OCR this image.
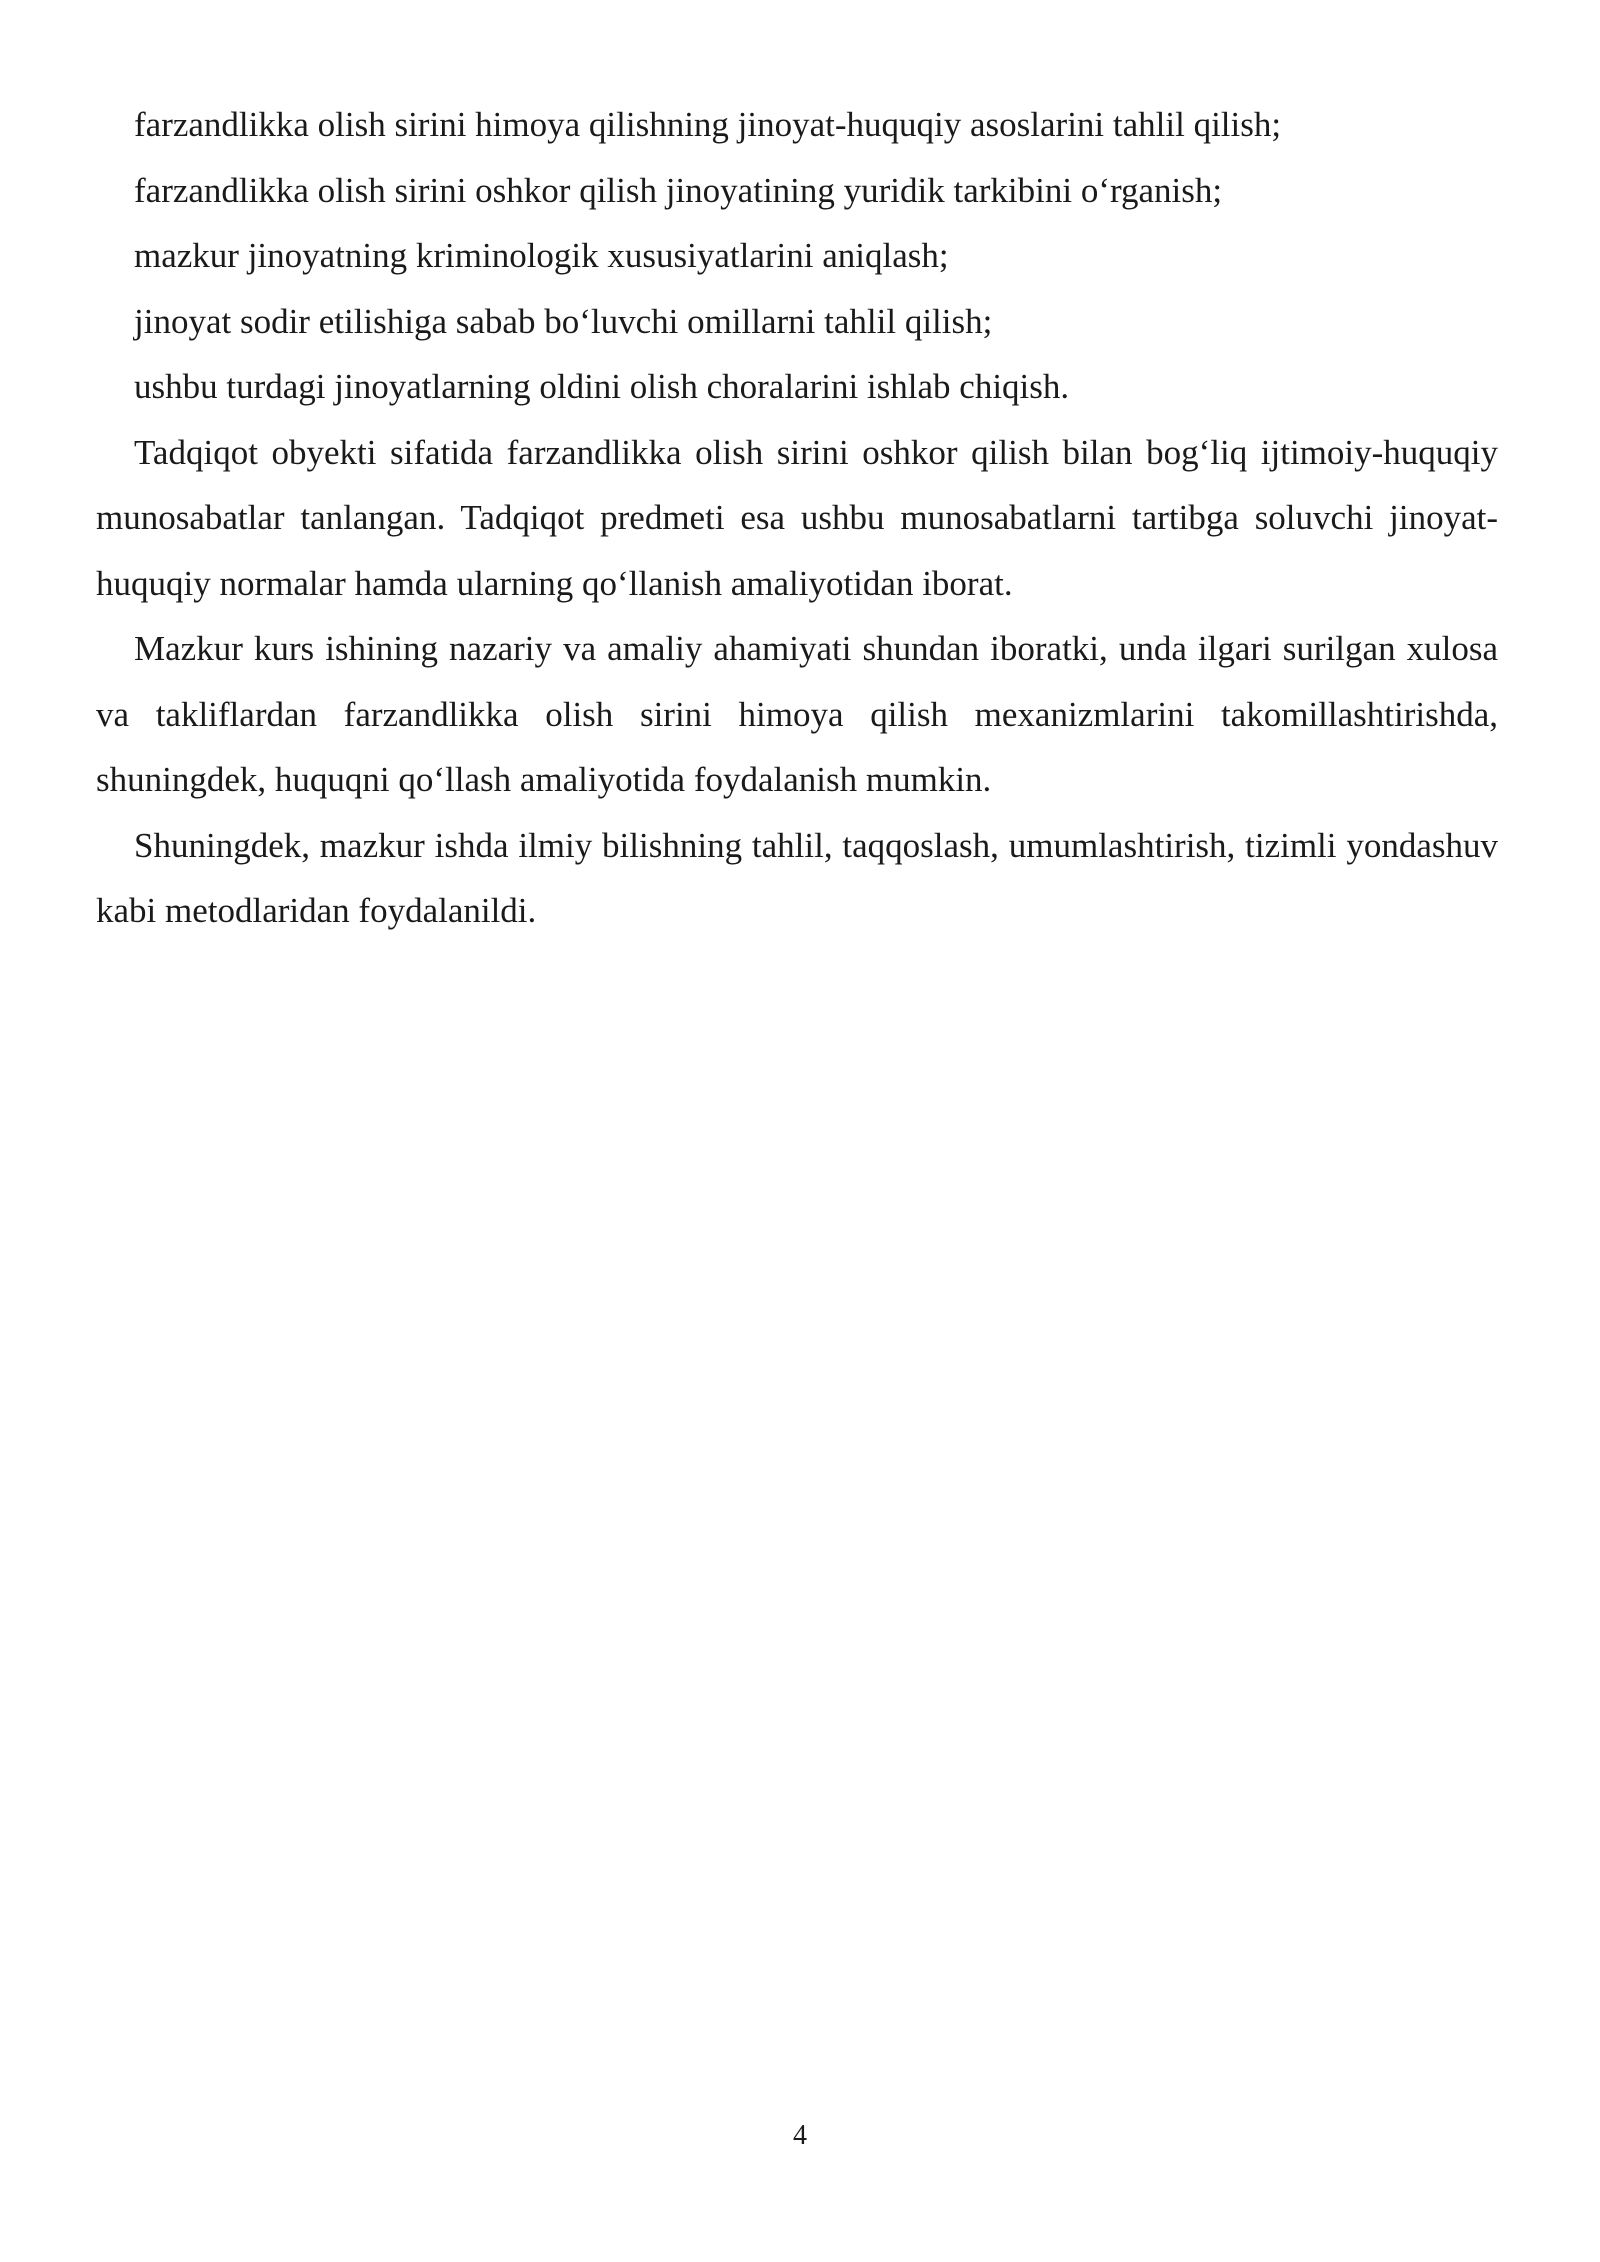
farzandlikka olish sirini himoya qilishning jinoyat-huquqiy asoslarini tahlil qilish;
farzandlikka olish sirini oshkor qilish jinoyatining yuridik tarkibini o‘rganish;
mazkur jinoyatning kriminologik xususiyatlarini aniqlash;
jinoyat sodir etilishiga sabab bo‘luvchi omillarni tahlil qilish;
ushbu turdagi jinoyatlarning oldini olish choralarini ishlab chiqish.

Tadqiqot obyekti sifatida farzandlikka olish sirini oshkor qilish bilan bog‘liq ijtimoiy-huquqiy munosabatlar tanlangan. Tadqiqot predmeti esa ushbu munosabatlarni tartibga soluvchi jinoyat-huquqiy normalar hamda ularning qo‘llanish amaliyotidan iborat.

Mazkur kurs ishining nazariy va amaliy ahamiyati shundan iboratki, unda ilgari surilgan xulosa va takliflardan farzandlikka olish sirini himoya qilish mexanizmlarini takomillashtirishda, shuningdek, huquqni qo‘llash amaliyotida foydalanish mumkin.

Shuningdek, mazkur ishda ilmiy bilishning tahlil, taqqoslash, umumlashtirish, tizimli yondashuv kabi metodlaridan foydalanildi.

4
